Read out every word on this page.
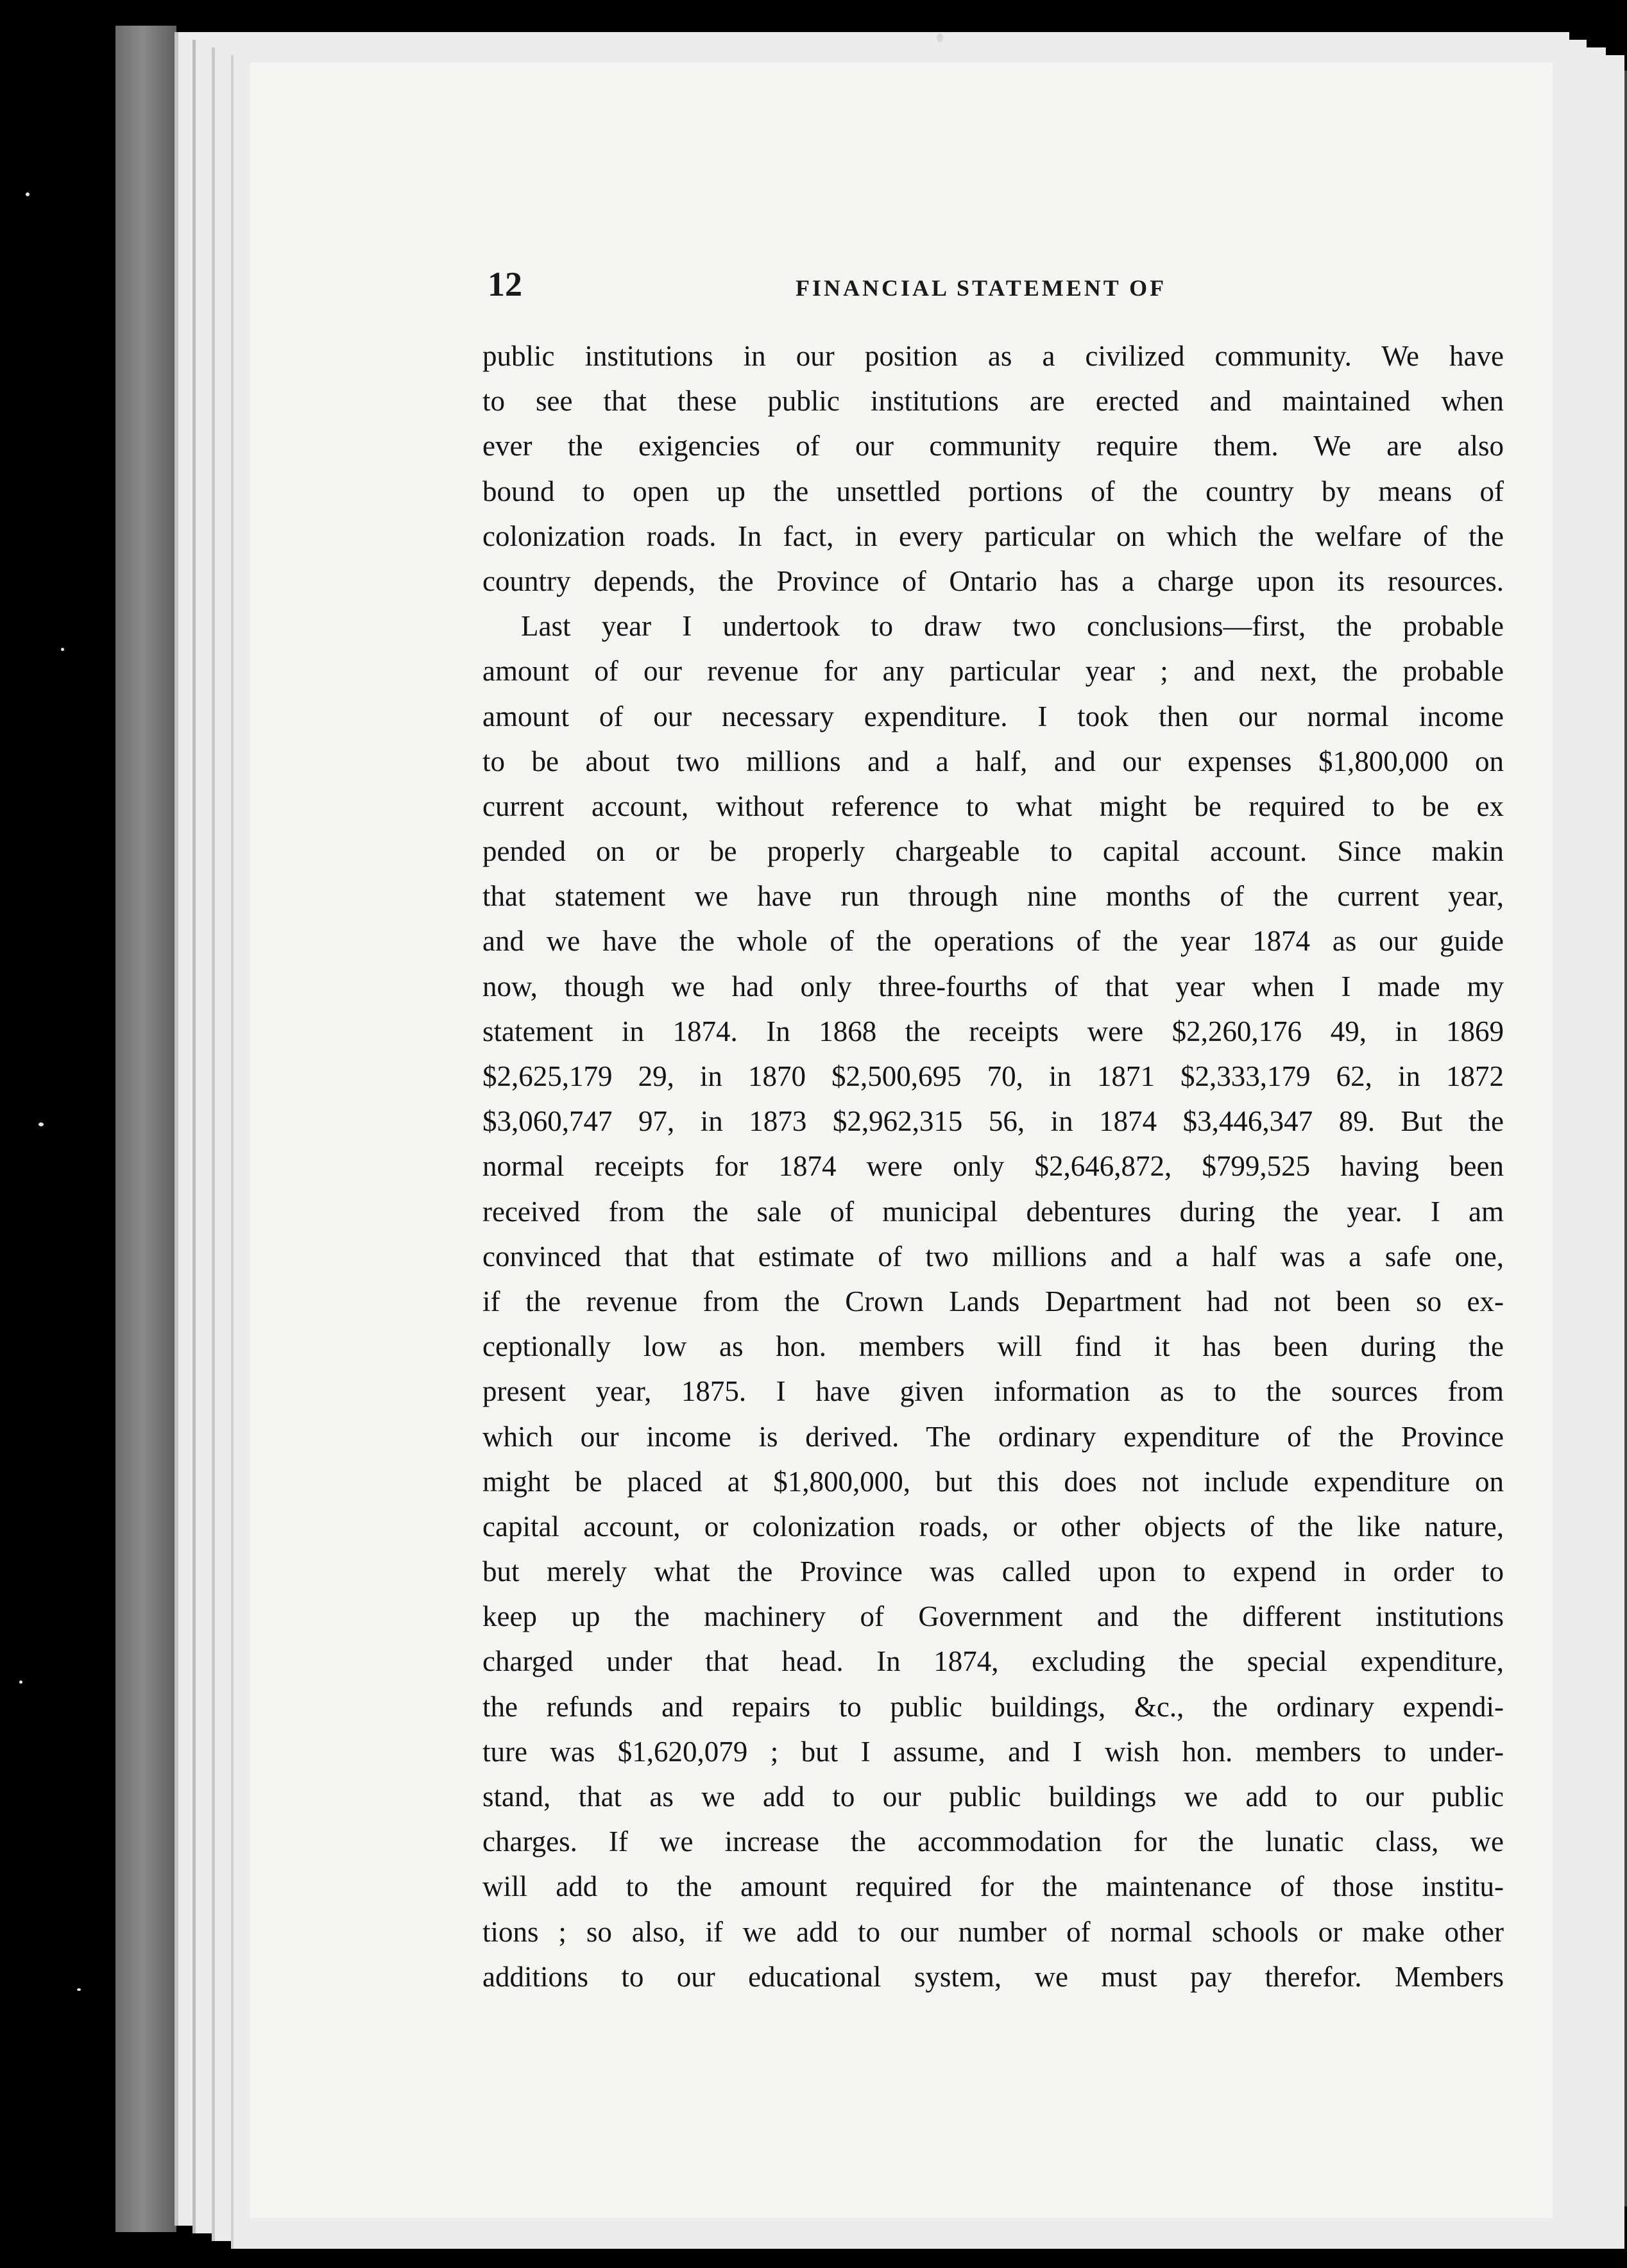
12	FINANCIAL STATEMENT OF
public institutions in our position as a civilized community. We have
to see that these public institutions are erected and maintained when
ever the exigencies of our community require them. We are also
bound to open up the unsettled portions of the country by means of
colonization roads. In fact, in every particular on which the welfare of the
country depends, the Province of Ontario has a charge upon its resources.
Last year I undertook to draw two conclusions—first, the probable
amount of our revenue for any particular year ; and next, the probable
amount of our necessary expenditure. I took then our normal income
to be about two millions and a half, and our expenses $1,800,000 on
current account, without reference to what might be required to be ex
pended on or be properly chargeable to capital account. Since makin
that statement we have run through nine months of the current year,
and we have the whole of the operations of the year 1874 as our guide
now, though we had only three-fourths of that year when I made my
statement in 1874. In 1868 the receipts were $2,260,176 49, in 1869
$2,625,179 29, in 1870 $2,500,695 70, in 1871 $2,333,179 62, in 1872
$3,060,747 97, in 1873 $2,962,315 56, in 1874 $3,446,347 89. But the
normal receipts for 1874 were only $2,646,872, $799,525 having been
received from the sale of municipal debentures during the year. I am
convinced that that estimate of two millions and a half was a safe one,
if the revenue from the Crown Lands Department had not been so ex-
ceptionally low as hon. members will find it has been during the
present year, 1875. I have given information as to the sources from
which our income is derived. The ordinary expenditure of the Province
might be placed at $1,800,000, but this does not include expenditure on
capital account, or colonization roads, or other objects of the like nature,
but merely what the Province was called upon to expend in order to
keep up the machinery of Government and the different institutions
charged under that head. In 1874, excluding the special expenditure,
the refunds and repairs to public buildings, &c., the ordinary expendi-
ture was $1,620,079 ; but I assume, and I wish hon. members to under-
stand, that as we add to our public buildings we add to our public
charges. If we increase the accommodation for the lunatic class, we
will add to the amount required for the maintenance of those institu-
tions ; so also, if we add to our number of normal schools or make other
additions to our educational system, we must pay therefor. Members
